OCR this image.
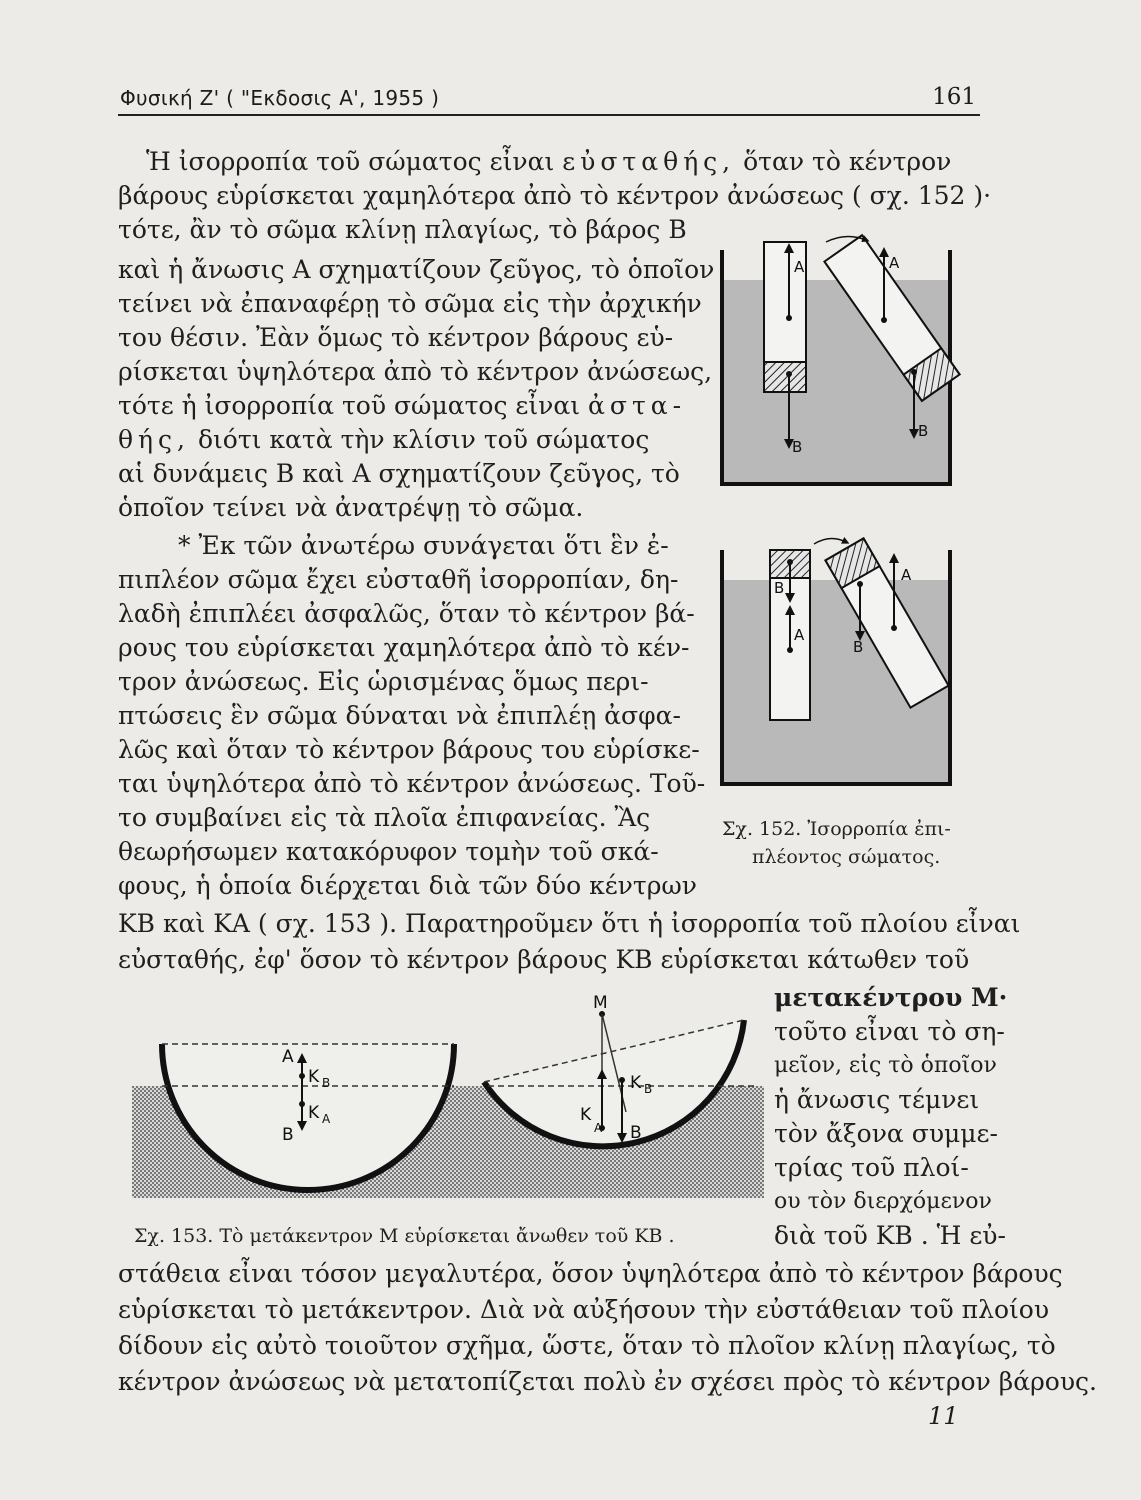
Φυσική Ζ' ( "Εκδοσις Α', 1955 )	161
Ἡ ἰσορροπία τοῦ σώματος εἶναι εὐσταθής, ὅταν τὸ κέντρον
βάρους εὑρίσκεται χαμηλότερα ἀπὸ τὸ κέντρον ἀνώσεως ( σχ. 152 )·
τότε, ἂν τὸ σῶμα κλίνῃ πλαγίως, τὸ βάρος Β
καὶ ἡ ἄνωσις Α σχηματίζουν ζεῦγος, τὸ ὁποῖον
τείνει νὰ ἐπαναφέρῃ τὸ σῶμα εἰς τὴν ἀρχικήν
του θέσιν. Ἐὰν ὅμως τὸ κέντρον βάρους εὑ-
ρίσκεται ὑψηλότερα ἀπὸ τὸ κέντρον ἀνώσεως,
τότε ἡ ἰσορροπία τοῦ σώματος εἶναι ἀστα-
θής, διότι κατὰ τὴν κλίσιν τοῦ σώματος
αἱ δυνάμεις Β καὶ Α σχηματίζουν ζεῦγος, τὸ
ὁποῖον τείνει νὰ ἀνατρέψῃ τὸ σῶμα.
* Ἐκ τῶν ἀνωτέρω συνάγεται ὅτι ἓν ἐ-
πιπλέον σῶμα ἔχει εὐσταθῆ ἰσορροπίαν, δη-
λαδὴ ἐπιπλέει ἀσφαλῶς, ὅταν τὸ κέντρον βά-
ρους του εὑρίσκεται χαμηλότερα ἀπὸ τὸ κέν-
τρον ἀνώσεως. Εἰς ὡρισμένας ὅμως περι-
πτώσεις ἓν σῶμα δύναται νὰ ἐπιπλέῃ ἀσφα-
λῶς καὶ ὅταν τὸ κέντρον βάρους του εὑρίσκε-
ται ὑψηλότερα ἀπὸ τὸ κέντρον ἀνώσεως. Τοῦ-
το συμβαίνει εἰς τὰ πλοῖα ἐπιφανείας. Ἂς
θεωρήσωμεν κατακόρυφον τομὴν τοῦ σκά-
φους, ἡ ὁποία διέρχεται διὰ τῶν δύο κέντρων
ΚΒ καὶ ΚΑ ( σχ. 153 ). Παρατηροῦμεν ὅτι ἡ ἰσορροπία τοῦ πλοίου εἶναι
εὐσταθής, ἐφ' ὅσον τὸ κέντρον βάρους ΚΒ εὑρίσκεται κάτωθεν τοῦ
μετακέντρου Μ·
τοῦτο εἶναι τὸ ση-
μεῖον, εἰς τὸ ὁποῖον
ἡ ἄνωσις τέμνει
τὸν ἄξονα συμμε-
τρίας τοῦ πλοί-
ου τὸν διερχόμενον
διὰ τοῦ ΚΒ . Ἡ εὐ-
στάθεια εἶναι τόσον μεγαλυτέρα, ὅσον ὑψηλότερα ἀπὸ τὸ κέντρον βάρους
εὑρίσκεται τὸ μετάκεντρον. Διὰ νὰ αὐξήσουν τὴν εὐστάθειαν τοῦ πλοίου
δίδουν εἰς αὐτὸ τοιοῦτον σχῆμα, ὥστε, ὅταν τὸ πλοῖον κλίνῃ πλαγίως, τὸ
κέντρον ἀνώσεως νὰ μετατοπίζεται πολὺ ἐν σχέσει πρὸς τὸ κέντρον βάρους.
A
B
A
B
B
A
A
B
Σχ. 152. Ἰσορροπία ἐπι-
πλέοντος σώματος.
A
K B
K A
B
M
K B
K
A B
Σχ. 153. Τὸ μετάκεντρον Μ εὑρίσκεται ἄνωθεν τοῦ ΚΒ .
11
